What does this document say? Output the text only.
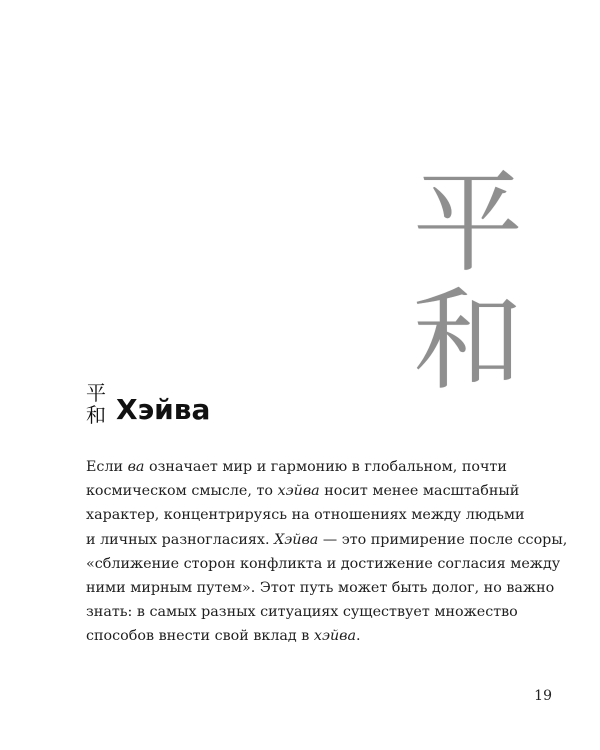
平
和
平
和 Хэйва

Если ва означает мир и гармонию в глобальном, почти
космическом смысле, то хэйва носит менее масштабный
характер, концентрируясь на отношениях между людьми
и личных разногласиях. Хэйва — это примирение после ссоры,
«сближение сторон конфликта и достижение согласия между
ними мирным путем». Этот путь может быть долог, но важно
знать: в самых разных ситуациях существует множество
способов внести свой вклад в хэйва.

19
